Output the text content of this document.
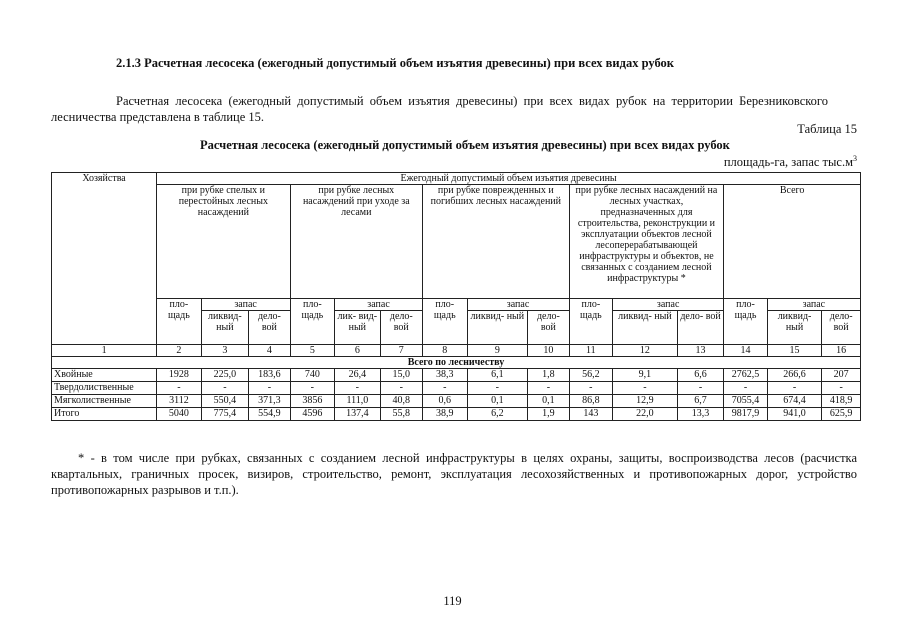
2.1.3 Расчетная лесосека (ежегодный допустимый объем изъятия древесины) при всех видах рубок

Расчетная лесосека (ежегодный допустимый объем изъятия древесины) при всех видах рубок на территории Березниковского лесничества представлена в таблице 15.

Таблица 15

Расчетная лесосека (ежегодный допустимый объем изъятия древесины) при всех видах рубок

площадь-га, запас $тыс.м^3$
Хозяйства	Ежегодный допустимый объем изъятия древесины														
	при рубке спелых и перестойных лесных насаждений			при рубке лесных насаждений при уходе за лесами			при рубке поврежденных и погибших лесных насаждений			при рубке лесных насаждений на лесных участках, предназначенных для строительства, реконструкции и эксплуатации объектов лесной лесоперерабатывающей инфраструктуры и объектов, не связанных с созданием лесной инфраструктуры *			Всего		
	пло- щадь	запас		пло- щадь	запас		пло- щадь	запас		пло- щадь	запас		пло- щадь	запас	
		ликвид- ный	дело- вой		лик- вид- ный	дело- вой		ликвид- ный	дело- вой		ликвид- ный	дело- вой		ликвид- ный	дело- вой
1	2	3	4	5	6	7	8	9	10	11	12	13	14	15	16
Всего по лесничеству															
Хвойные	1928	225,0	183,6	740	26,4	15,0	38,3	6,1	1,8	56,2	9,1	6,6	2762,5	266,6	207
Твердолиственные	-	-	-	-	-	-	-	-	-	-	-	-	-	-	-
Мягколиственные	3112	550,4	371,3	3856	111,0	40,8	0,6	0,1	0,1	86,8	12,9	6,7	7055,4	674,4	418,9
Итого	5040	775,4	554,9	4596	137,4	55,8	38,9	6,2	1,9	143	22,0	13,3	9817,9	941,0	625,9

* - в том числе при рубках, связанных с созданием лесной инфраструктуры в целях охраны, защиты, воспроизводства лесов (расчистка квартальных, граничных просек, визиров, строительство, ремонт, эксплуатация лесохозяйственных и противопожарных дорог, устройство противопожарных разрывов и т.п.).

119
